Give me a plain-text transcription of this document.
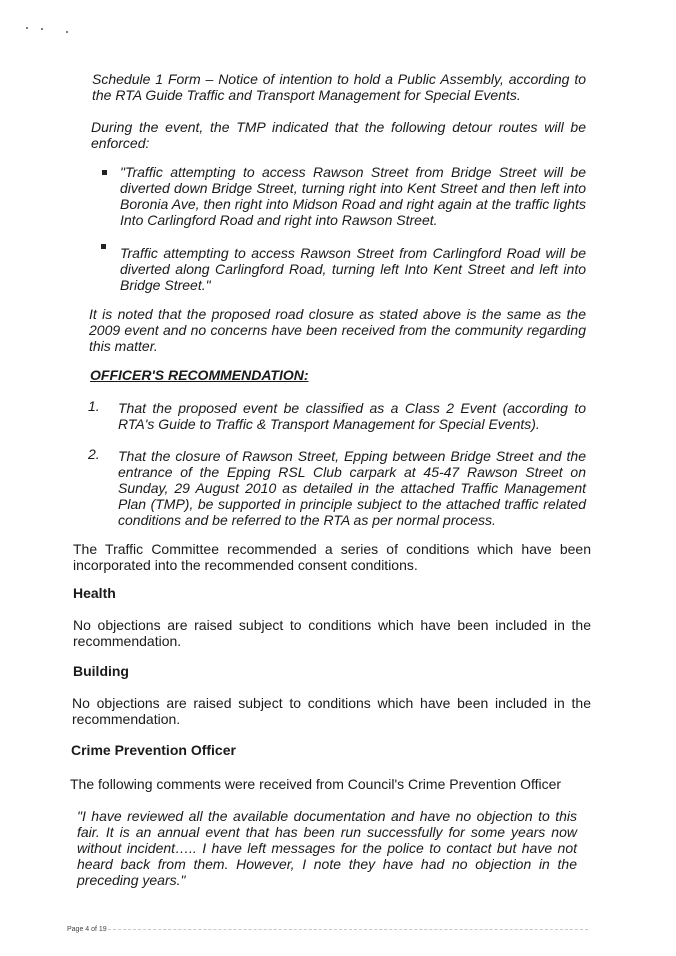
Schedule 1 Form – Notice of intention to hold a Public Assembly, according to the RTA Guide Traffic and Transport Management for Special Events.

During the event, the TMP indicated that the following detour routes will be enforced:

"Traffic attempting to access Rawson Street from Bridge Street will be diverted down Bridge Street, turning right into Kent Street and then left into Boronia Ave, then right into Midson Road and right again at the traffic lights Into Carlingford Road and right into Rawson Street.

Traffic attempting to access Rawson Street from Carlingford Road will be diverted along Carlingford Road, turning left Into Kent Street and left into Bridge Street."

It is noted that the proposed road closure as stated above is the same as the 2009 event and no concerns have been received from the community regarding this matter.

OFFICER'S RECOMMENDATION:
1. That the proposed event be classified as a Class 2 Event (according to RTA's Guide to Traffic & Transport Management for Special Events).

2. That the closure of Rawson Street, Epping between Bridge Street and the entrance of the Epping RSL Club carpark at 45-47 Rawson Street on Sunday, 29 August 2010 as detailed in the attached Traffic Management Plan (TMP), be supported in principle subject to the attached traffic related conditions and be referred to the RTA as per normal process.

The Traffic Committee recommended a series of conditions which have been incorporated into the recommended consent conditions.

Health

No objections are raised subject to conditions which have been included in the recommendation.

Building

No objections are raised subject to conditions which have been included in the recommendation.

Crime Prevention Officer

The following comments were received from Council's Crime Prevention Officer

"I have reviewed all the available documentation and have no objection to this fair. It is an annual event that has been run successfully for some years now without incident….. I have left messages for the police to contact but have not heard back from them. However, I note they have had no objection in the preceding years."

Page 4 of 19
